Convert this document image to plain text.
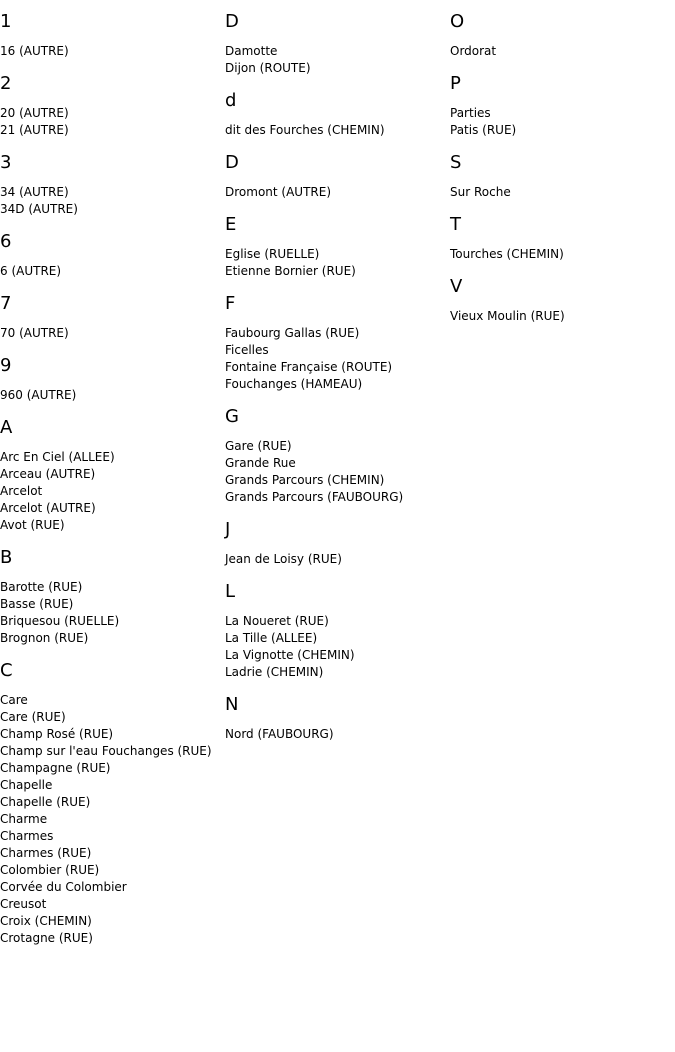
1
16 (AUTRE)
2
20 (AUTRE)
21 (AUTRE)
3
34 (AUTRE)
34D (AUTRE)
6
6 (AUTRE)
7
70 (AUTRE)
9
960 (AUTRE)
A
Arc En Ciel (ALLEE)
Arceau (AUTRE)
Arcelot
Arcelot (AUTRE)
Avot (RUE)
B
Barotte (RUE)
Basse (RUE)
Briquesou (RUELLE)
Brognon (RUE)
C
Care
Care (RUE)
Champ Rosé (RUE)
Champ sur l'eau Fouchanges (RUE)
Champagne (RUE)
Chapelle
Chapelle (RUE)
Charme
Charmes
Charmes (RUE)
Colombier (RUE)
Corvée du Colombier
Creusot
Croix (CHEMIN)
Crotagne (RUE)
D
Damotte
Dijon (ROUTE)
d
dit des Fourches (CHEMIN)
D
Dromont (AUTRE)
E
Eglise (RUELLE)
Etienne Bornier (RUE)
F
Faubourg Gallas (RUE)
Ficelles
Fontaine Française (ROUTE)
Fouchanges (HAMEAU)
G
Gare (RUE)
Grande Rue
Grands Parcours (CHEMIN)
Grands Parcours (FAUBOURG)
J
Jean de Loisy (RUE)
L
La Noueret (RUE)
La Tille (ALLEE)
La Vignotte (CHEMIN)
Ladrie (CHEMIN)
N
Nord (FAUBOURG)
O
Ordorat
P
Parties
Patis (RUE)
S
Sur Roche
T
Tourches (CHEMIN)
V
Vieux Moulin (RUE)
